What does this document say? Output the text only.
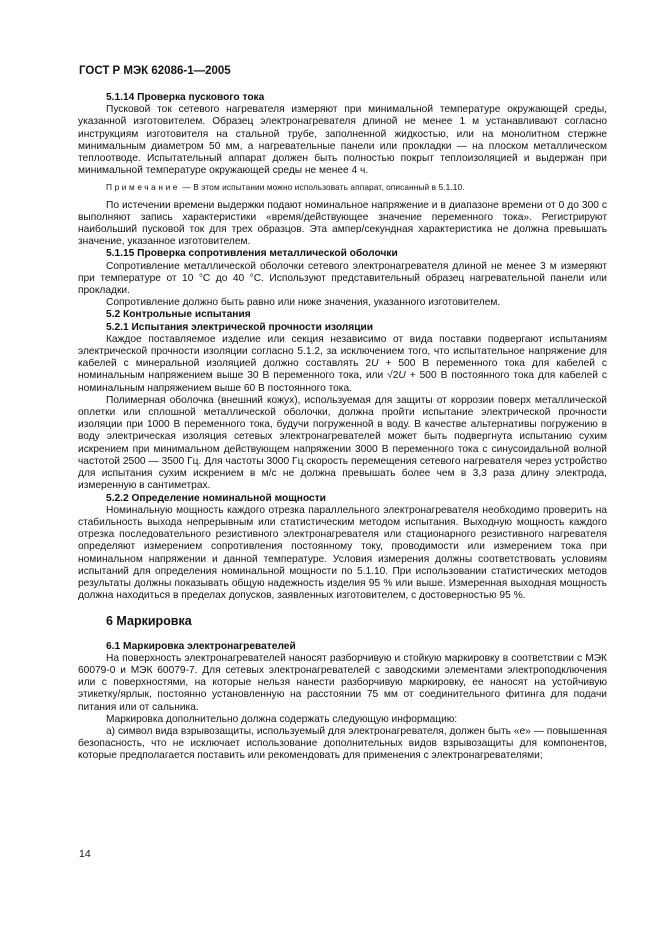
ГОСТ Р МЭК 62086-1—2005
5.1.14 Проверка пускового тока

Пусковой ток сетевого нагревателя измеряют при минимальной температуре окружающей среды, указанной изготовителем. Образец электронагревателя длиной не менее 1 м устанавливают согласно инструкциям изготовителя на стальной трубе, заполненной жидкостью, или на монолитном стержне минимальным диаметром 50 мм, а нагревательные панели или прокладки — на плоском металлическом теплоотводе. Испытательный аппарат должен быть полностью покрыт теплоизоляцией и выдержан при минимальной температуре окружающей среды не менее 4 ч.

Примечание — В этом испытании можно использовать аппарат, описанный в 5.1.10.

По истечении времени выдержки подают номинальное напряжение и в диапазоне времени от 0 до 300 с выполняют запись характеристики «время/действующее значение переменного тока». Регистрируют наибольший пусковой ток для трех образцов. Эта ампер/секундная характеристика не должна превышать значение, указанное изготовителем.

5.1.15 Проверка сопротивления металлической оболочки

Сопротивление металлической оболочки сетевого электронагревателя длиной не менее 3 м измеряют при температуре от 10 °С до 40 °С. Используют представительный образец нагревательной панели или прокладки.

Сопротивление должно быть равно или ниже значения, указанного изготовителем.

5.2 Контрольные испытания
5.2.1 Испытания электрической прочности изоляции

Каждое поставляемое изделие или секция независимо от вида поставки подвергают испытаниям электрической прочности изоляции согласно 5.1.2, за исключением того, что испытательное напряжение для кабелей с минеральной изоляцией должно составлять 2U + 500 В переменного тока для кабелей с номинальным напряжением выше 30 В переменного тока, или √2U + 500 В постоянного тока для кабелей с номинальным напряжением выше 60 В постоянного тока.

Полимерная оболочка (внешний кожух), используемая для защиты от коррозии поверх металлической оплетки или сплошной металлической оболочки, должна пройти испытание электрической прочности изоляции при 1000 В переменного тока, будучи погруженной в воду. В качестве альтернативы погружению в воду электрическая изоляция сетевых электронагревателей может быть подвергнута испытанию сухим искрением при минимальном действующем напряжении 3000 В переменного тока с синусоидальной волной частотой 2500 — 3500 Гц. Для частоты 3000 Гц скорость перемещения сетевого нагревателя через устройство для испытания сухим искрением в м/с не должна превышать более чем в 3,3 раза длину электрода, измеренную в сантиметрах.

5.2.2 Определение номинальной мощности

Номинальную мощность каждого отрезка параллельного электронагревателя необходимо проверить на стабильность выхода непрерывным или статистическим методом испытания. Выходную мощность каждого отрезка последовательного резистивного электронагревателя или стационарного резистивного нагревателя определяют измерением сопротивления постоянному току, проводимости или измерением тока при номинальном напряжении и данной температуре. Условия измерения должны соответствовать условиям испытаний для определения номинальной мощности по 5.1.10. При использовании статистических методов результаты должны показывать общую надежность изделия 95 % или выше. Измеренная выходная мощность должна находиться в пределах допусков, заявленных изготовителем, с достоверностью 95 %.

6 Маркировка
6.1 Маркировка электронагревателей

На поверхность электронагревателей наносят разборчивую и стойкую маркировку в соответствии с МЭК 60079-0 и МЭК 60079-7. Для сетевых электронагревателей с заводскими элементами электроподключения или с поверхностями, на которые нельзя нанести разборчивую маркировку, ее наносят на устойчивую этикетку/ярлык, постоянно установленную на расстоянии 75 мм от соединительного фитинга для подачи питания или от сальника.

Маркировка дополнительно должна содержать следующую информацию:

а) символ вида взрывозащиты, используемый для электронагревателя, должен быть «е» — повышенная безопасность, что не исключает использование дополнительных видов взрывозащиты для компонентов, которые предполагается поставить или рекомендовать для применения с электронагревателями;

14
